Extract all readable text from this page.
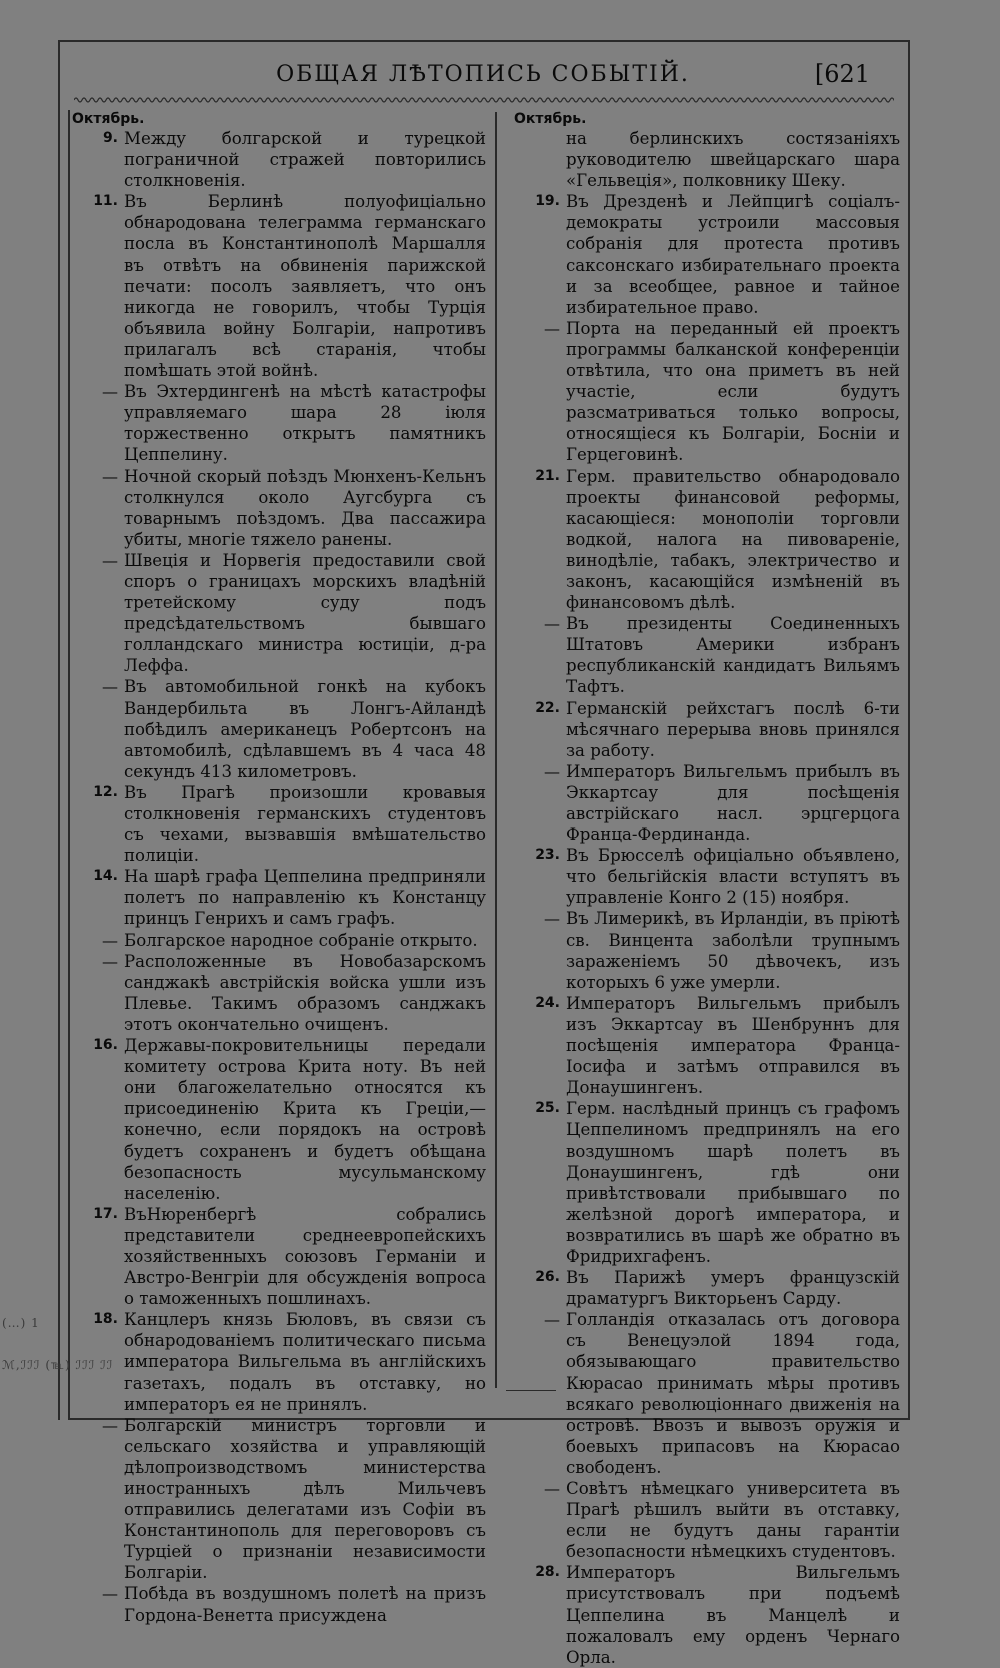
ОБЩАЯ ЛѢТОПИСЬ СОБЫТІЙ.	[621
Октябрь.
9. Между болгарской и турецкой пограничной стражей повторились столкновенія.
11. Въ Берлинѣ полуофиціально обнародована телеграмма германскаго посла въ Константинополѣ Маршалля въ отвѣтъ на обвиненія парижской печати: посолъ заявляетъ, что онъ никогда не говорилъ, чтобы Турція объявила войну Болгаріи, напротивъ прилагалъ всѣ старанія, чтобы помѣшать этой войнѣ.
— Въ Эхтердингенѣ на мѣстѣ катастрофы управляемаго шара 28 іюля торжественно открытъ памятникъ Цеппелину.
— Ночной скорый поѣздъ Мюнхенъ-Кельнъ столкнулся около Аугсбурга съ товарнымъ поѣздомъ. Два пассажира убиты, многіе тяжело ранены.
— Швеція и Норвегія предоставили свой споръ о границахъ морскихъ владѣній третейскому суду подъ предсѣдательствомъ бывшаго голландскаго министра юстиціи, д-ра Леффа.
— Въ автомобильной гонкѣ на кубокъ Вандербильта въ Лонгъ-Айландѣ побѣдилъ американецъ Робертсонъ на автомобилѣ, сдѣлавшемъ въ 4 часа 48 секундъ 413 километровъ.
12. Въ Прагѣ произошли кровавыя столкновенія германскихъ студентовъ съ чехами, вызвавшія вмѣшательство полиціи.
14. На шарѣ графа Цеппелина предприняли полетъ по направленію къ Констанцу принцъ Генрихъ и самъ графъ.
— Болгарское народное собраніе открыто.
— Расположенные въ Новобазарскомъ санджакѣ австрійскія войска ушли изъ Плевье. Такимъ образомъ санджакъ этотъ окончательно очищенъ.
16. Державы-покровительницы передали комитету острова Крита ноту. Въ ней они благожелательно относятся къ присоединенію Крита къ Греціи,—конечно, если порядокъ на островѣ будетъ сохраненъ и будетъ обѣщана безопасность мусульманскому населенію.
17. ВъНюренбергѣ собрались представители среднеевропейскихъ хозяйственныхъ союзовъ Германіи и Австро-Венгріи для обсужденія вопроса о таможенныхъ пошлинахъ.
18. Канцлеръ князь Бюловъ, въ связи съ обнародованіемъ политическаго письма императора Вильгельма въ англійскихъ газетахъ, подалъ въ отставку, но императоръ ея не принялъ.
— Болгарскій министръ торговли и сельскаго хозяйства и управляющій дѣлопроизводствомъ министерства иностранныхъ дѣлъ Мильчевъ отправились делегатами изъ Софіи въ Константинополь для переговоровъ съ Турціей о признаніи независимости Болгаріи.
— Побѣда въ воздушномъ полетѣ на призъ Гордона-Венетта присуждена
Октябрь.
на берлинскихъ состязаніяхъ руководителю швейцарскаго шара «Гельвеція», полковнику Шеку.
19. Въ Дрезденѣ и Лейпцигѣ соціалъ-демократы устроили массовыя собранія для протеста противъ саксонскаго избирательнаго проекта и за всеобщее, равное и тайное избирательное право.
— Порта на переданный ей проектъ программы балканской конференціи отвѣтила, что она приметъ въ ней участіе, если будутъ разсматриваться только вопросы, относящіеся къ Болгаріи, Босніи и Герцеговинѣ.
21. Герм. правительство обнародовало проекты финансовой реформы, касающіеся: монополіи торговли водкой, налога на пивовареніе, винодѣліе, табакъ, электричество и законъ, касающійся измѣненій въ финансовомъ дѣлѣ.
— Въ президенты Соединенныхъ Штатовъ Америки избранъ республиканскій кандидатъ Вильямъ Тафтъ.
22. Германскій рейхстагъ послѣ 6-ти мѣсячнаго перерыва вновь принялся за работу.
— Императоръ Вильгельмъ прибылъ въ Эккартсау для посѣщенія австрійскаго насл. эрцгерцога Франца-Фердинанда.
23. Въ Брюсселѣ офиціально объявлено, что бельгійскія власти вступятъ въ управленіе Конго 2 (15) ноября.
— Въ Лимерикѣ, въ Ирландіи, въ пріютѣ св. Винцента заболѣли трупнымъ зараженіемъ 50 дѣвочекъ, изъ которыхъ 6 уже умерли.
24. Императоръ Вильгельмъ прибылъ изъ Эккартсау въ Шенбруннъ для посѣщенія императора Франца-Іосифа и затѣмъ отправился въ Донаушингенъ.
25. Герм. наслѣдный принцъ съ графомъ Цеппелиномъ предпринялъ на его воздушномъ шарѣ полетъ въ Донаушингенъ, гдѣ они привѣтствовали прибывшаго по желѣзной дорогѣ императора, и возвратились въ шарѣ же обратно въ Фридрихгафенъ.
26. Въ Парижѣ умеръ французскій драматургъ Викторьенъ Сарду.
— Голландія отказалась отъ договора съ Венецуэлой 1894 года, обязывающаго правительство Кюрасао принимать мѣры противъ всякаго революціоннаго движенія на островѣ. Ввозъ и вывозъ оружія и боевыхъ припасовъ на Кюрасао свободенъ.
— Совѣтъ нѣмецкаго университета въ Прагѣ рѣшилъ выйти въ отставку, если не будутъ даны гарантіи безопасности нѣмецкихъ студентовъ.
28. Императоръ Вильгельмъ присутствовалъ при подъемѣ Цеппелина въ Манцелѣ и пожаловалъ ему орденъ Чернаго Орла.
(…) 1
ℳ,ℐℐℐ (℡) ℐℐℐ ℐℐ
